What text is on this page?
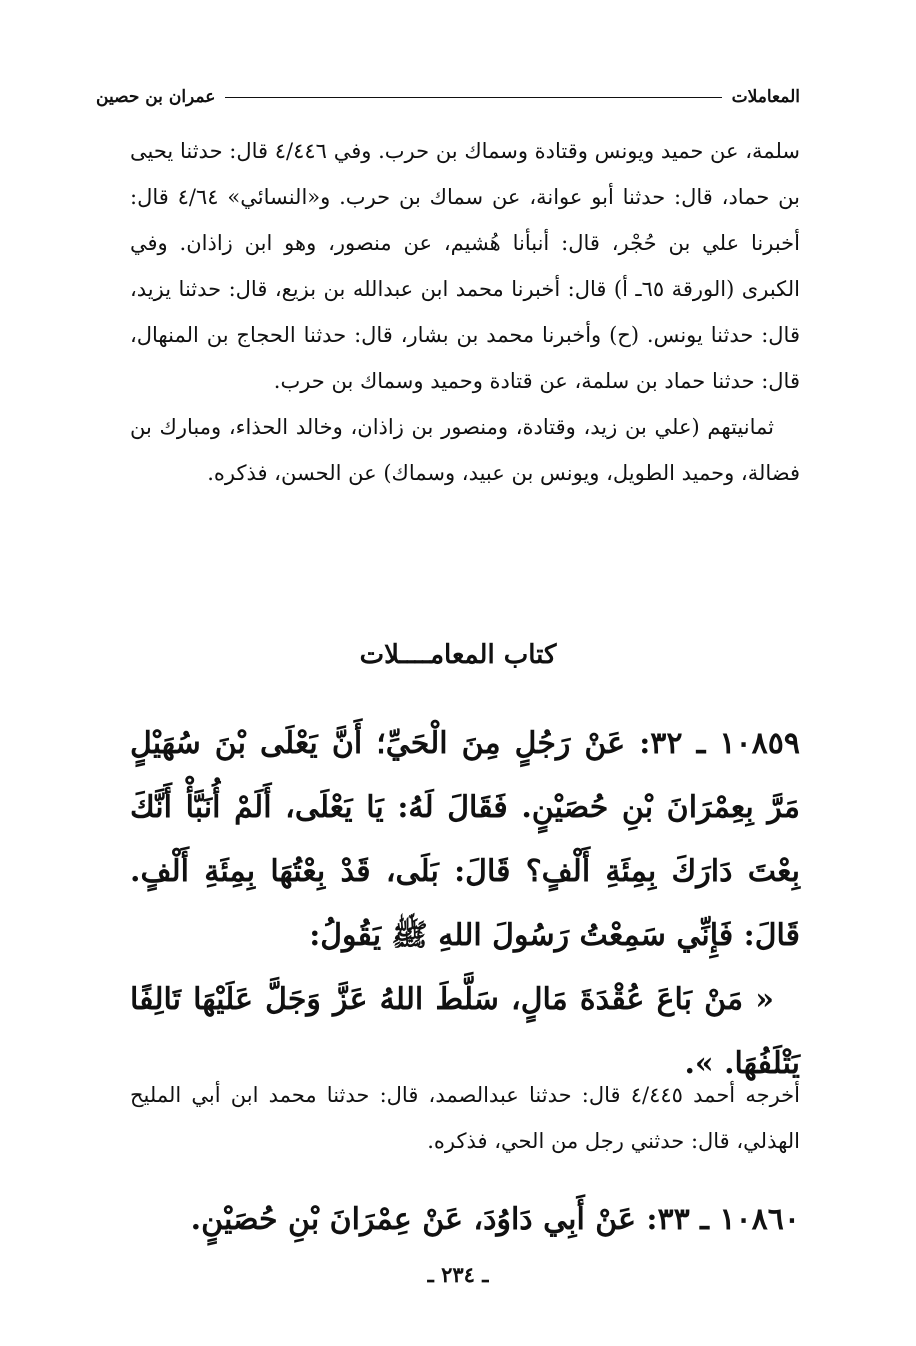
المعاملات
عمران بن حصين

سلمة، عن حميد ويونس وقتادة وسماك بن حرب. وفي ٤/٤٤٦ قال: حدثنا يحيى بن حماد، قال: حدثنا أبو عوانة، عن سماك بن حرب. و«النسائي» ٤/٦٤ قال: أخبرنا علي بن حُجْر، قال: أنبأنا هُشيم، عن منصور، وهو ابن زاذان. وفي الكبرى (الورقة ٦٥ـ أ) قال: أخبرنا محمد ابن عبدالله بن بزيع، قال: حدثنا يزيد، قال: حدثنا يونس. (ح) وأخبرنا محمد بن بشار، قال: حدثنا الحجاج بن المنهال، قال: حدثنا حماد بن سلمة، عن قتادة وحميد وسماك بن حرب.

ثمانيتهم (علي بن زيد، وقتادة، ومنصور بن زاذان، وخالد الحذاء، ومبارك بن فضالة، وحميد الطويل، ويونس بن عبيد، وسماك) عن الحسن، فذكره.

كتاب المعامــــلات

١٠٨٥٩ ـ ٣٢: عَنْ رَجُلٍ مِنَ الْحَيِّ؛ أَنَّ يَعْلَى بْنَ سُهَيْلٍ مَرَّ بِعِمْرَانَ بْنِ حُصَيْنٍ. فَقَالَ لَهُ: يَا يَعْلَى، أَلَمْ أُنَبَّأْ أَنَّكَ بِعْتَ دَارَكَ بِمِئَةِ أَلْفٍ؟ قَالَ: بَلَى، قَدْ بِعْتُهَا بِمِئَةِ أَلْفٍ. قَالَ: فَإِنِّي سَمِعْتُ رَسُولَ اللهِ ﷺ يَقُولُ:

« مَنْ بَاعَ عُقْدَةَ مَالٍ، سَلَّطَ اللهُ عَزَّ وَجَلَّ عَلَيْهَا تَالِفًا يَتْلَفُهَا. ».

أخرجه أحمد ٤/٤٤٥ قال: حدثنا عبدالصمد، قال: حدثنا محمد ابن أبي المليح الهذلي، قال: حدثني رجل من الحي، فذكره.

١٠٨٦٠ ـ ٣٣: عَنْ أَبِي دَاوُدَ، عَنْ عِمْرَانَ بْنِ حُصَيْنٍ.

ـ ٢٣٤ ـ
